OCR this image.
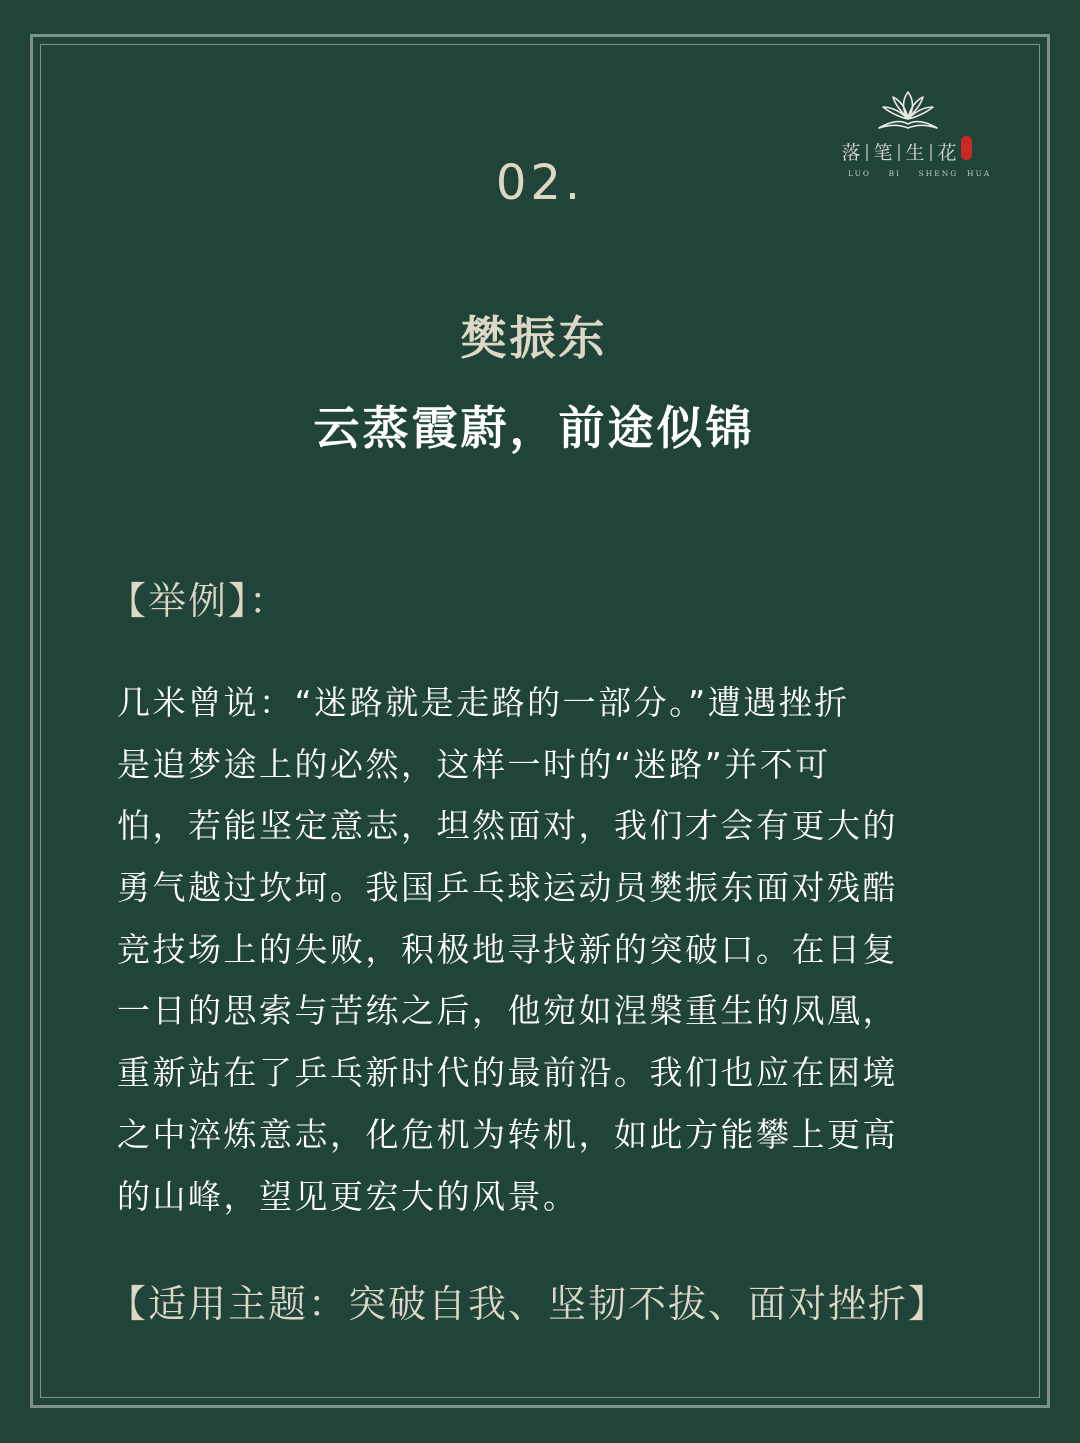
落 | 笔 | 生 | 花
LUO    BI    SHENG  HUA
02.
樊振东
云蒸霞蔚，前途似锦
【举例】：
几米曾说：“迷路就是走路的一部分。”遭遇挫折
是追梦途上的必然，这样一时的“迷路”并不可
怕，若能坚定意志，坦然面对，我们才会有更大的
勇气越过坎坷。我国乒乓球运动员樊振东面对残酷
竞技场上的失败，积极地寻找新的突破口。在日复
一日的思索与苦练之后，他宛如涅槃重生的凤凰，
重新站在了乒乓新时代的最前沿。我们也应在困境
之中淬炼意志，化危机为转机，如此方能攀上更高
的山峰，望见更宏大的风景。
【适用主题：突破自我、坚韧不拔、面对挫折】
